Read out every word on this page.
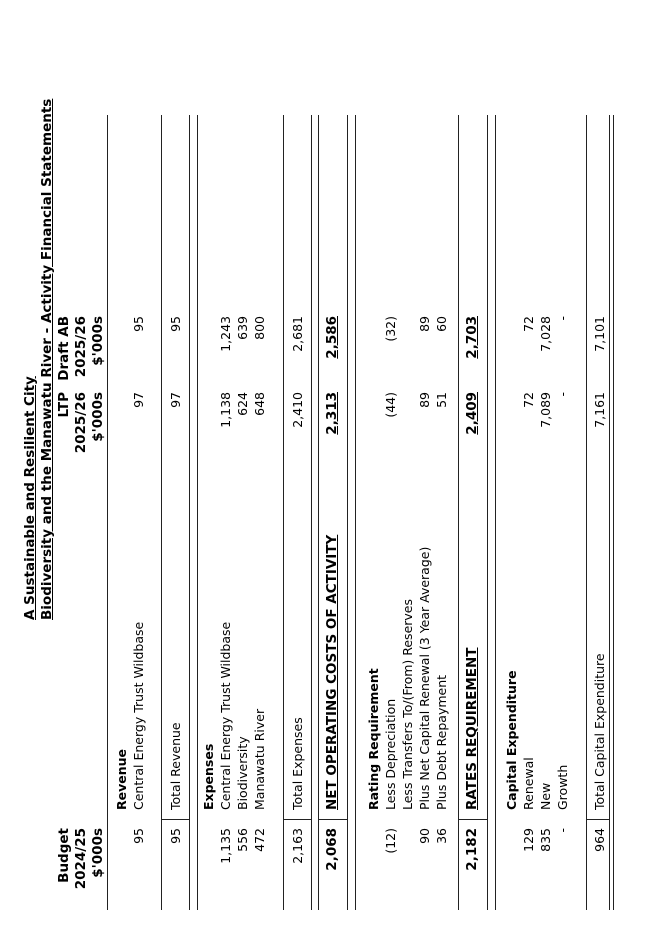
A Sustainable and Resilient City Biodiversity and the Manawatu River - Activity Financial Statements
Budget
LTP
Draft AB
2024/25
2025/26
2025/26
$'000s
$'000s
$'000s
Revenue
95
Central Energy Trust Wildbase
97
95
95
Total Revenue
97
95
Expenses
1,135
Central Energy Trust Wildbase
1,138
1,243
556
Biodiversity
624
639
472
Manawatu River
648
800
2,163
Total Expenses
2,410
2,681
2,068
NET OPERATING COSTS OF ACTIVITY
2,313
2,586
Rating Requirement
(12)
Less Depreciation
(44)
(32)
Less Transfers To/(From) Reserves
90
Plus Net Capital Renewal (3 Year Average)
89
89
36
Plus Debt Repayment
51
60
2,182
RATES REQUIREMENT
2,409
2,703
Capital Expenditure
129
Renewal
72
72
835
New
7,089
7,028
-
Growth
-
-
964
Total Capital Expenditure
7,161
7,101
